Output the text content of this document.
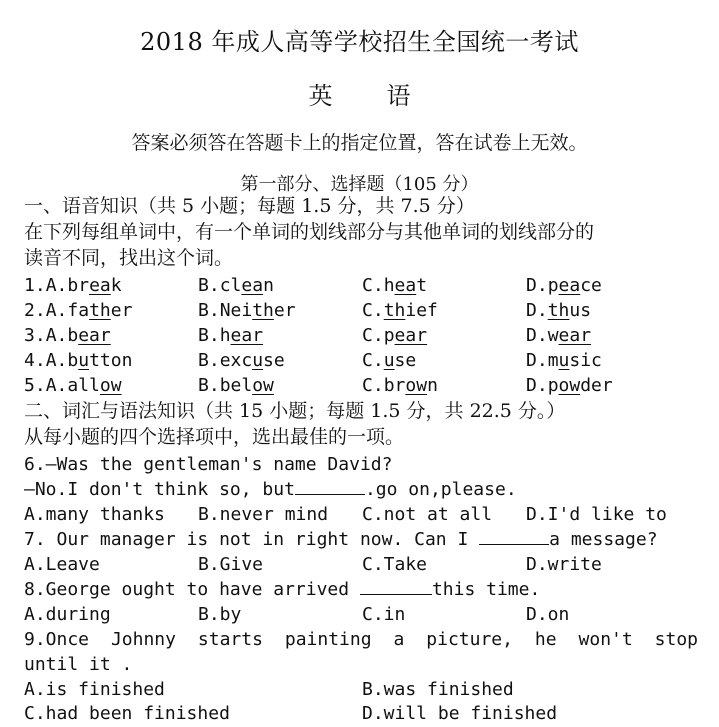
2018 年成人高等学校招生全国统一考试
英 语
答案必须答在答题卡上的指定位置，答在试卷上无效。
第一部分、选择题（105 分）
一、语音知识（共 5 小题；每题 1.5 分，共 7.5 分）
在下列每组单词中，有一个单词的划线部分与其他单词的划线部分的
读音不同，找出这个词。
1.A.break	B.clean	C.heat	D.peace
2.A.father	B.Neither	C.thief	D.thus
3.A.bear	B.hear	C.pear	D.wear
4.A.button	B.excuse	C.use	D.music
5.A.allow	B.below	C.brown	D.powder
二、词汇与语法知识（共 15 小题；每题 1.5 分，共 22.5 分。）
从每小题的四个选择项中，选出最佳的一项。
6.—Was the gentleman's name David?
—No.I don't think so, but	.go on,please.
A.many thanks B.never mind C.not at all D.I'd like to
7. Our manager is not in right now. Can I	a message?
A.Leave	B.Give	C.Take	D.write
8.George ought to have arrived	this time.
A.during	B.by	C.in	D.on
9.Once Johnny starts painting a picture, he won't stop
until it .
A.is finished	B.was finished
C.had been finished	D.will be finished
